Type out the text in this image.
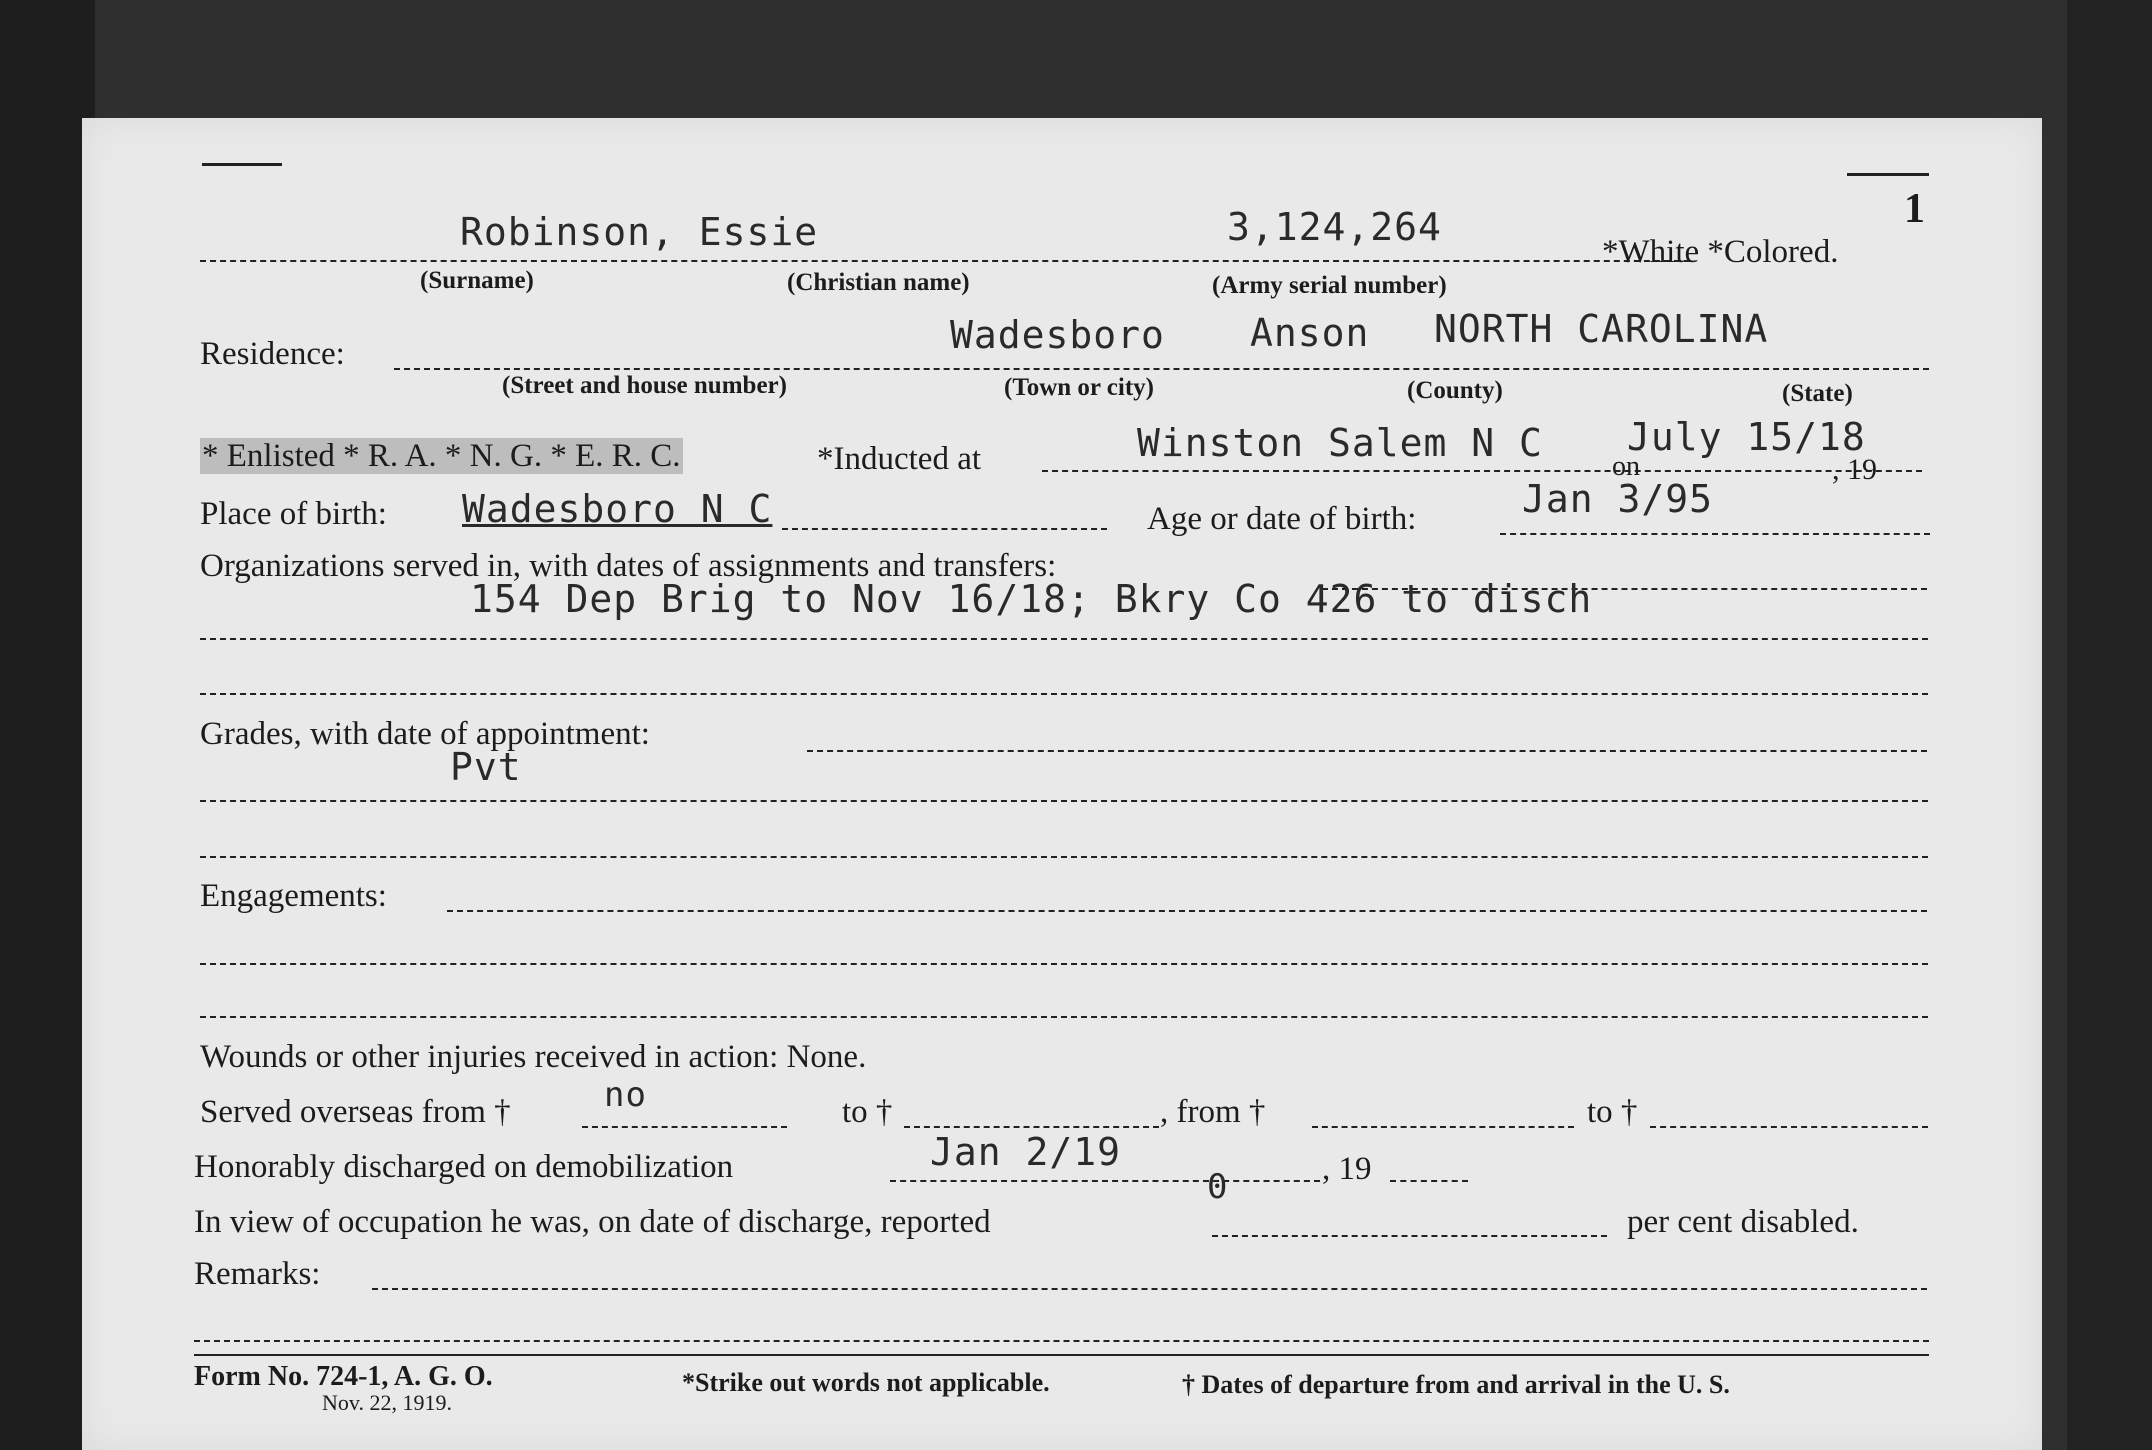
1
Robinson, Essie	3,124,264
*White *Colored.
(Surname)	(Christian name)	(Army serial number)
Residence:	Wadesboro Anson NORTH CAROLINA
(Street and house number)	(Town or city)	(County)	(State)
* Enlisted * R. A. * N. G. * E. R. C.	*Inducted at	Winston Salem N C July 15/18
on	, 19
Place of birth: Wadesboro N C	Age or date of birth:	Jan 3/95
Organizations served in, with dates of assignments and transfers:
154 Dep Brig to Nov 16/18; Bkry Co 426 to disch
Grades, with date of appointment:
Pvt
Engagements:
Wounds or other injuries received in action: None.
Served overseas from †	no	to †	, from †	to †
Honorably discharged on demobilization	Jan 2/19	, 19
In view of occupation he was, on date of discharge, reported
0
per cent disabled.
Remarks:
Form No. 724-1, A. G. O.
Nov. 22, 1919.
*Strike out words not applicable.	† Dates of departure from and arrival in the U. S.
